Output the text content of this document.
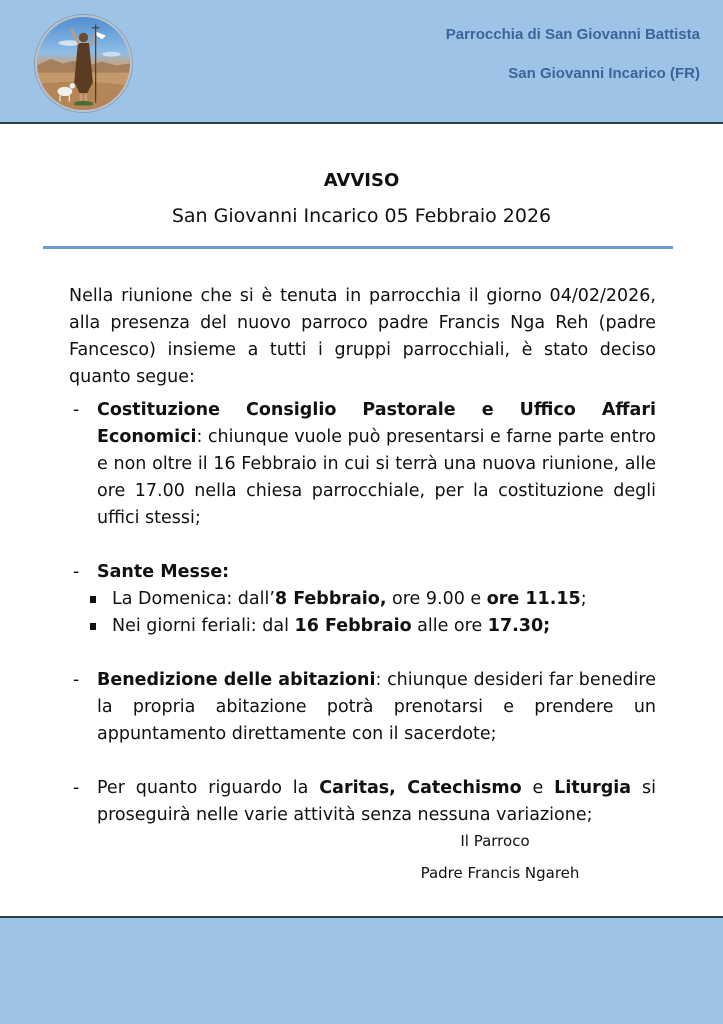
Parrocchia di San Giovanni Battista
San Giovanni Incarico (FR)
AVVISO
San Giovanni Incarico 05 Febbraio 2026

Nella riunione che si è tenuta in parrocchia il giorno 04/02/2026, alla presenza del nuovo parroco padre Francis Nga Reh (padre Fancesco) insieme a tutti i gruppi parrocchiali, è stato deciso quanto segue:

- Costituzione Consiglio Pastorale e Uffico Affari Economici: chiunque vuole può presentarsi e farne parte entro e non oltre il 16 Febbraio in cui si terrà una nuova riunione, alle ore 17.00 nella chiesa parrocchiale, per la costituzione degli uffici stessi;
- Sante Messe:
La Domenica: dall’8 Febbraio, ore 9.00 e ore 11.15;
Nei giorni feriali: dal 16 Febbraio alle ore 17.30;
- Benedizione delle abitazioni: chiunque desideri far benedire la propria abitazione potrà prenotarsi e prendere un appuntamento direttamente con il sacerdote;
- Per quanto riguardo la Caritas, Catechismo e Liturgia si proseguirà nelle varie attività senza nessuna variazione;
Il Parroco
Padre Francis Ngareh
